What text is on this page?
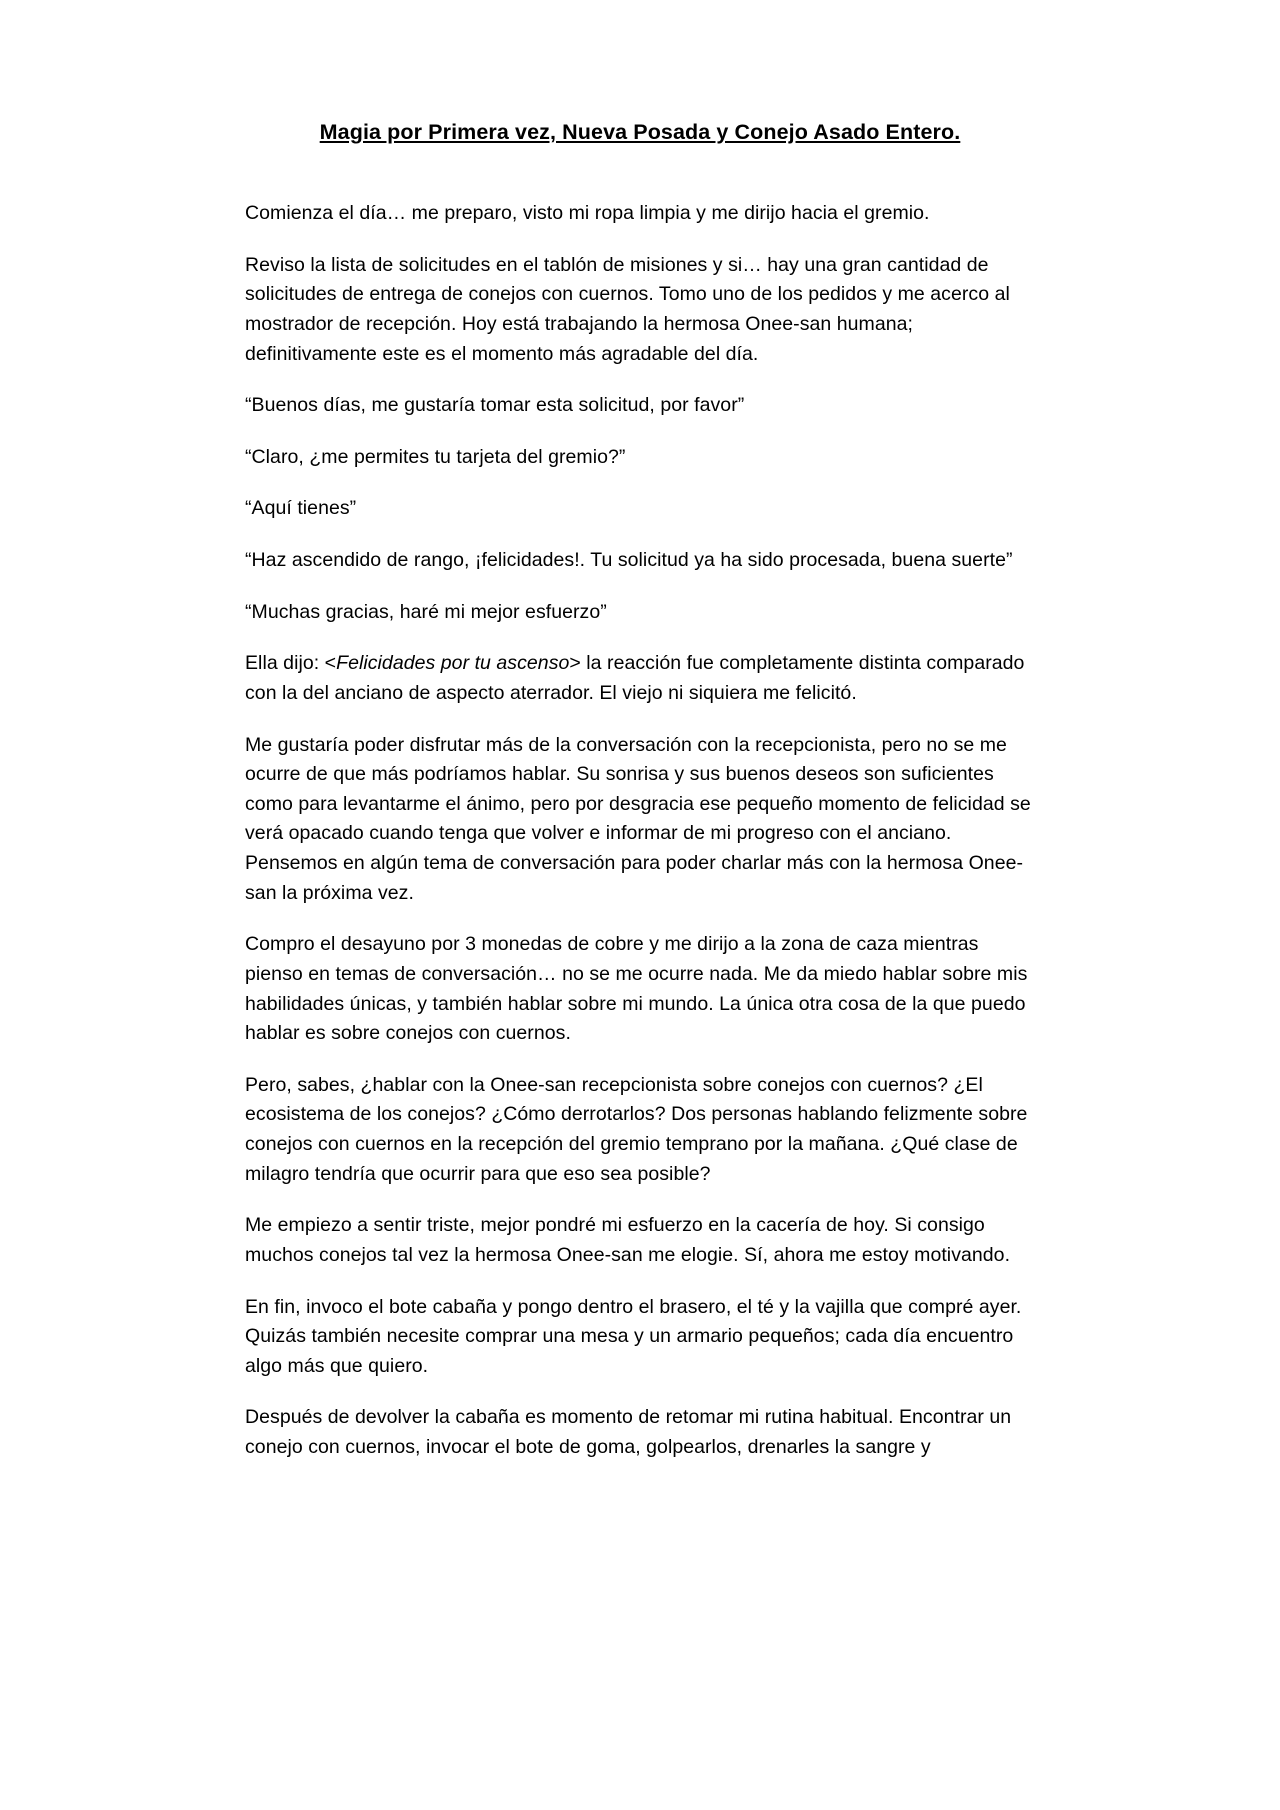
Magia por Primera vez, Nueva Posada y Conejo Asado Entero.

Comienza el día… me preparo, visto mi ropa limpia y me dirijo hacia el gremio.

Reviso la lista de solicitudes en el tablón de misiones y si… hay una gran cantidad de solicitudes de entrega de conejos con cuernos. Tomo uno de los pedidos y me acerco al mostrador de recepción. Hoy está trabajando la hermosa Onee-san humana; definitivamente este es el momento más agradable del día.

“Buenos días, me gustaría tomar esta solicitud, por favor”

“Claro, ¿me permites tu tarjeta del gremio?”

“Aquí tienes”

“Haz ascendido de rango, ¡felicidades!. Tu solicitud ya ha sido procesada, buena suerte”

“Muchas gracias, haré mi mejor esfuerzo”

Ella dijo: <Felicidades por tu ascenso> la reacción fue completamente distinta comparado con la del anciano de aspecto aterrador. El viejo ni siquiera me felicitó.

Me gustaría poder disfrutar más de la conversación con la recepcionista, pero no se me ocurre de que más podríamos hablar. Su sonrisa y sus buenos deseos son suficientes como para levantarme el ánimo, pero por desgracia ese pequeño momento de felicidad se verá opacado cuando tenga que volver e informar de mi progreso con el anciano. Pensemos en algún tema de conversación para poder charlar más con la hermosa Onee-san la próxima vez.

Compro el desayuno por 3 monedas de cobre y me dirijo a la zona de caza mientras pienso en temas de conversación… no se me ocurre nada. Me da miedo hablar sobre mis habilidades únicas, y también hablar sobre mi mundo. La única otra cosa de la que puedo hablar es sobre conejos con cuernos.

Pero, sabes, ¿hablar con la Onee-san recepcionista sobre conejos con cuernos? ¿El ecosistema de los conejos? ¿Cómo derrotarlos? Dos personas hablando felizmente sobre conejos con cuernos en la recepción del gremio temprano por la mañana. ¿Qué clase de milagro tendría que ocurrir para que eso sea posible?

Me empiezo a sentir triste, mejor pondré mi esfuerzo en la cacería de hoy. Si consigo muchos conejos tal vez la hermosa Onee-san me elogie. Sí, ahora me estoy motivando.

En fin, invoco el bote cabaña y pongo dentro el brasero, el té y la vajilla que compré ayer. Quizás también necesite comprar una mesa y un armario pequeños; cada día encuentro algo más que quiero.

Después de devolver la cabaña es momento de retomar mi rutina habitual. Encontrar un conejo con cuernos, invocar el bote de goma, golpearlos, drenarles la sangre y
